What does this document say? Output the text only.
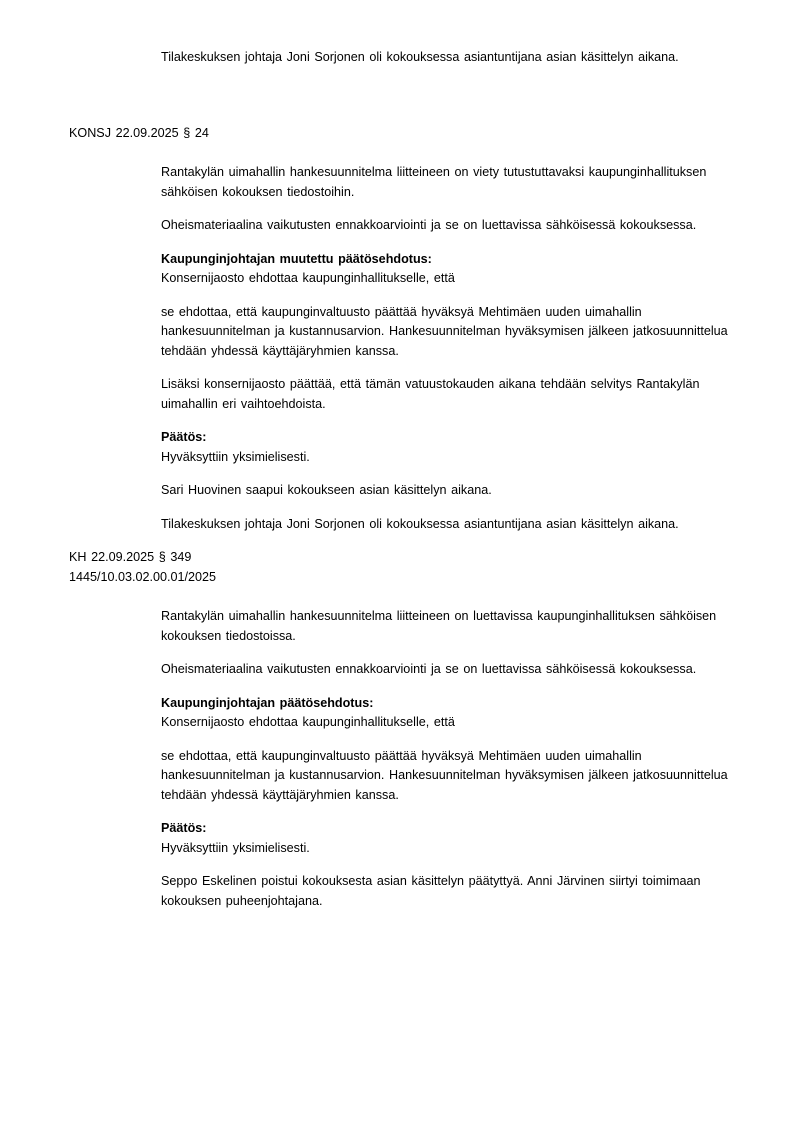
Tilakeskuksen johtaja Joni Sorjonen oli kokouksessa asiantuntijana asian käsittelyn aikana.

KONSJ 22.09.2025 § 24

Rantakylän uimahallin hankesuunnitelma liitteineen on viety tutustuttavaksi kaupunginhallituksen sähköisen kokouksen tiedostoihin.

Oheismateriaalina vaikutusten ennakkoarviointi ja se on luettavissa sähköisessä kokouksessa.

Kaupunginjohtajan muutettu päätösehdotus:

Konsernijaosto ehdottaa kaupunginhallitukselle, että

se ehdottaa, että kaupunginvaltuusto päättää hyväksyä Mehtimäen uuden uimahallin hankesuunnitelman ja kustannusarvion. Hankesuunnitelman hyväksymisen jälkeen jatkosuunnittelua tehdään yhdessä käyttäjäryhmien kanssa.

Lisäksi konsernijaosto päättää, että tämän vatuustokauden aikana tehdään selvitys Rantakylän uimahallin eri vaihtoehdoista.

Päätös:

Hyväksyttiin yksimielisesti.

Sari Huovinen saapui kokoukseen asian käsittelyn aikana.

Tilakeskuksen johtaja Joni Sorjonen oli kokouksessa asiantuntijana asian käsittelyn aikana.

KH 22.09.2025 § 349

1445/10.03.02.00.01/2025

Rantakylän uimahallin hankesuunnitelma liitteineen on luettavissa kaupunginhallituksen sähköisen kokouksen tiedostoissa.

Oheismateriaalina vaikutusten ennakkoarviointi ja se on luettavissa sähköisessä kokouksessa.

Kaupunginjohtajan päätösehdotus:

Konsernijaosto ehdottaa kaupunginhallitukselle, että

se ehdottaa, että kaupunginvaltuusto päättää hyväksyä Mehtimäen uuden uimahallin hankesuunnitelman ja kustannusarvion. Hankesuunnitelman hyväksymisen jälkeen jatkosuunnittelua tehdään yhdessä käyttäjäryhmien kanssa.

Päätös:

Hyväksyttiin yksimielisesti.

Seppo Eskelinen poistui kokouksesta asian käsittelyn päätyttyä. Anni Järvinen siirtyi toimimaan kokouksen puheenjohtajana.
